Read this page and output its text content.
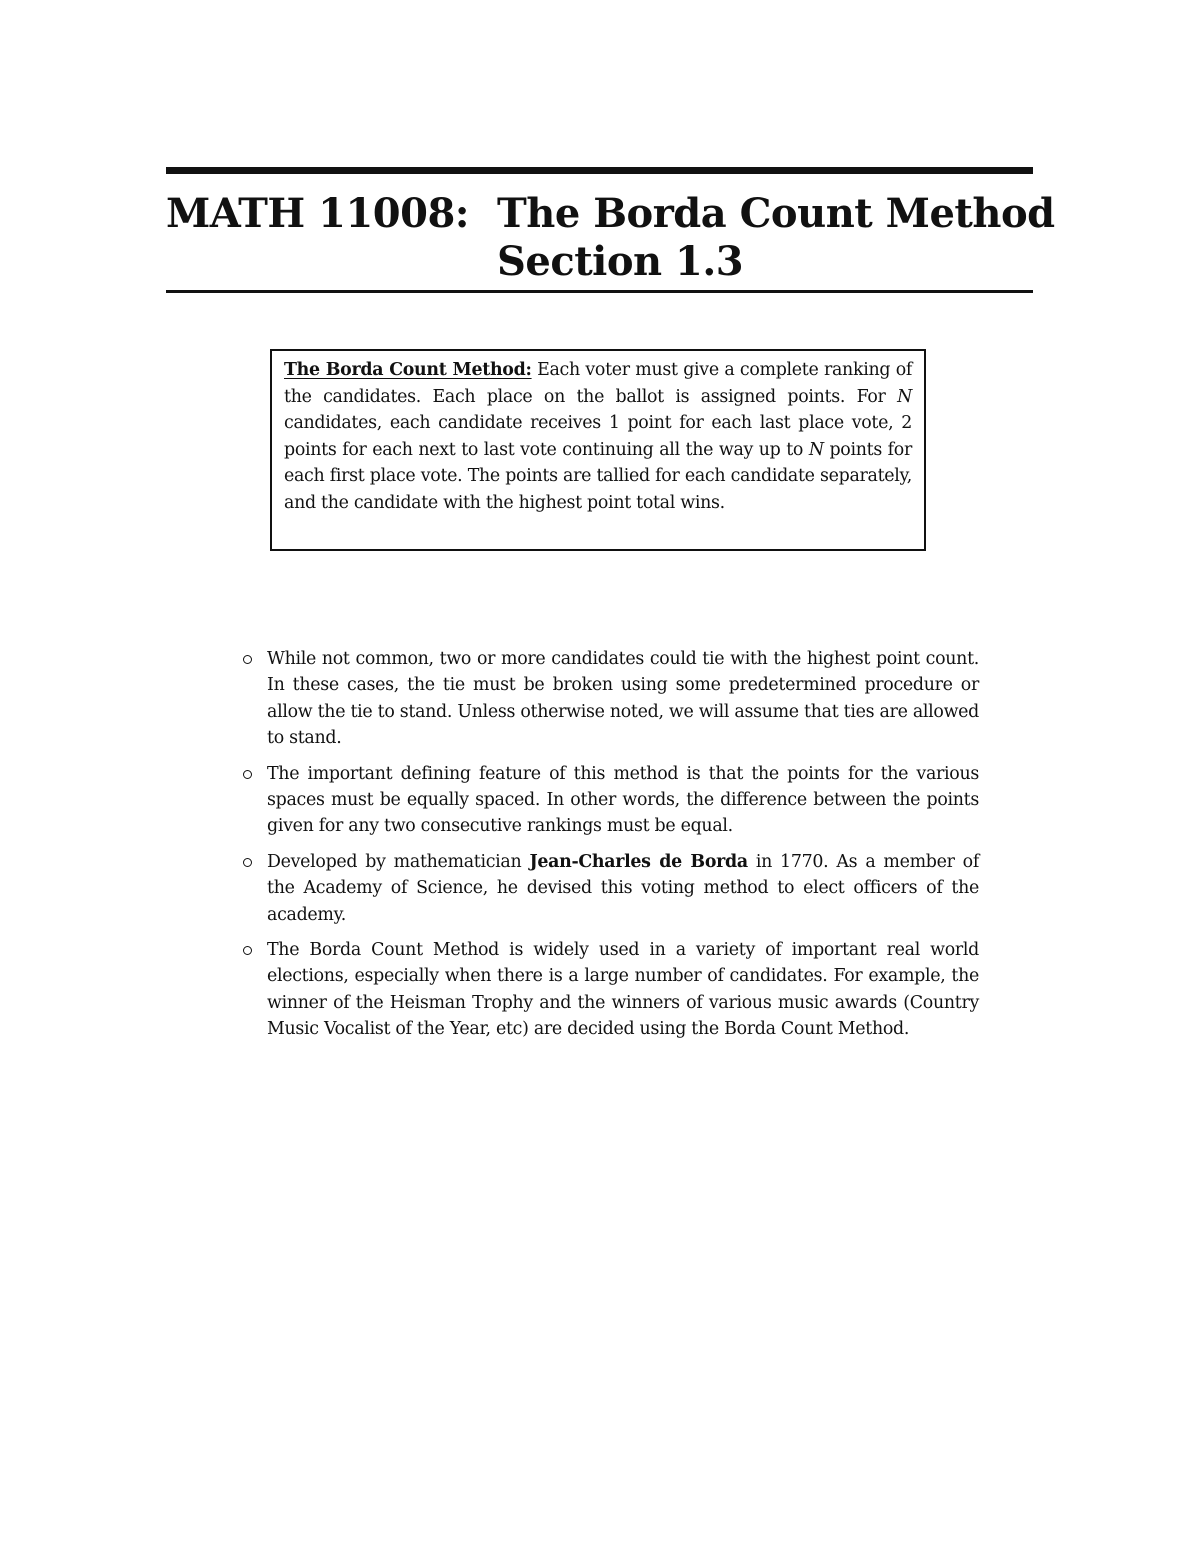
MATH 11008: The Borda Count Method
Section 1.3
The Borda Count Method: Each voter must give a complete ranking of the candidates. Each place on the ballot is assigned points. For N candidates, each candidate receives 1 point for each last place vote, 2 points for each next to last vote continuing all the way up to N points for each first place vote. The points are tallied for each candidate separately, and the candidate with the highest point total wins.
While not common, two or more candidates could tie with the highest point count. In these cases, the tie must be broken using some predetermined procedure or allow the tie to stand. Unless otherwise noted, we will assume that ties are allowed to stand.
The important defining feature of this method is that the points for the various spaces must be equally spaced. In other words, the difference between the points given for any two consecutive rankings must be equal.
Developed by mathematician Jean-Charles de Borda in 1770. As a member of the Academy of Science, he devised this voting method to elect officers of the academy.
The Borda Count Method is widely used in a variety of important real world elections, especially when there is a large number of candidates. For example, the winner of the Heisman Trophy and the winners of various music awards (Country Music Vocalist of the Year, etc) are decided using the Borda Count Method.
